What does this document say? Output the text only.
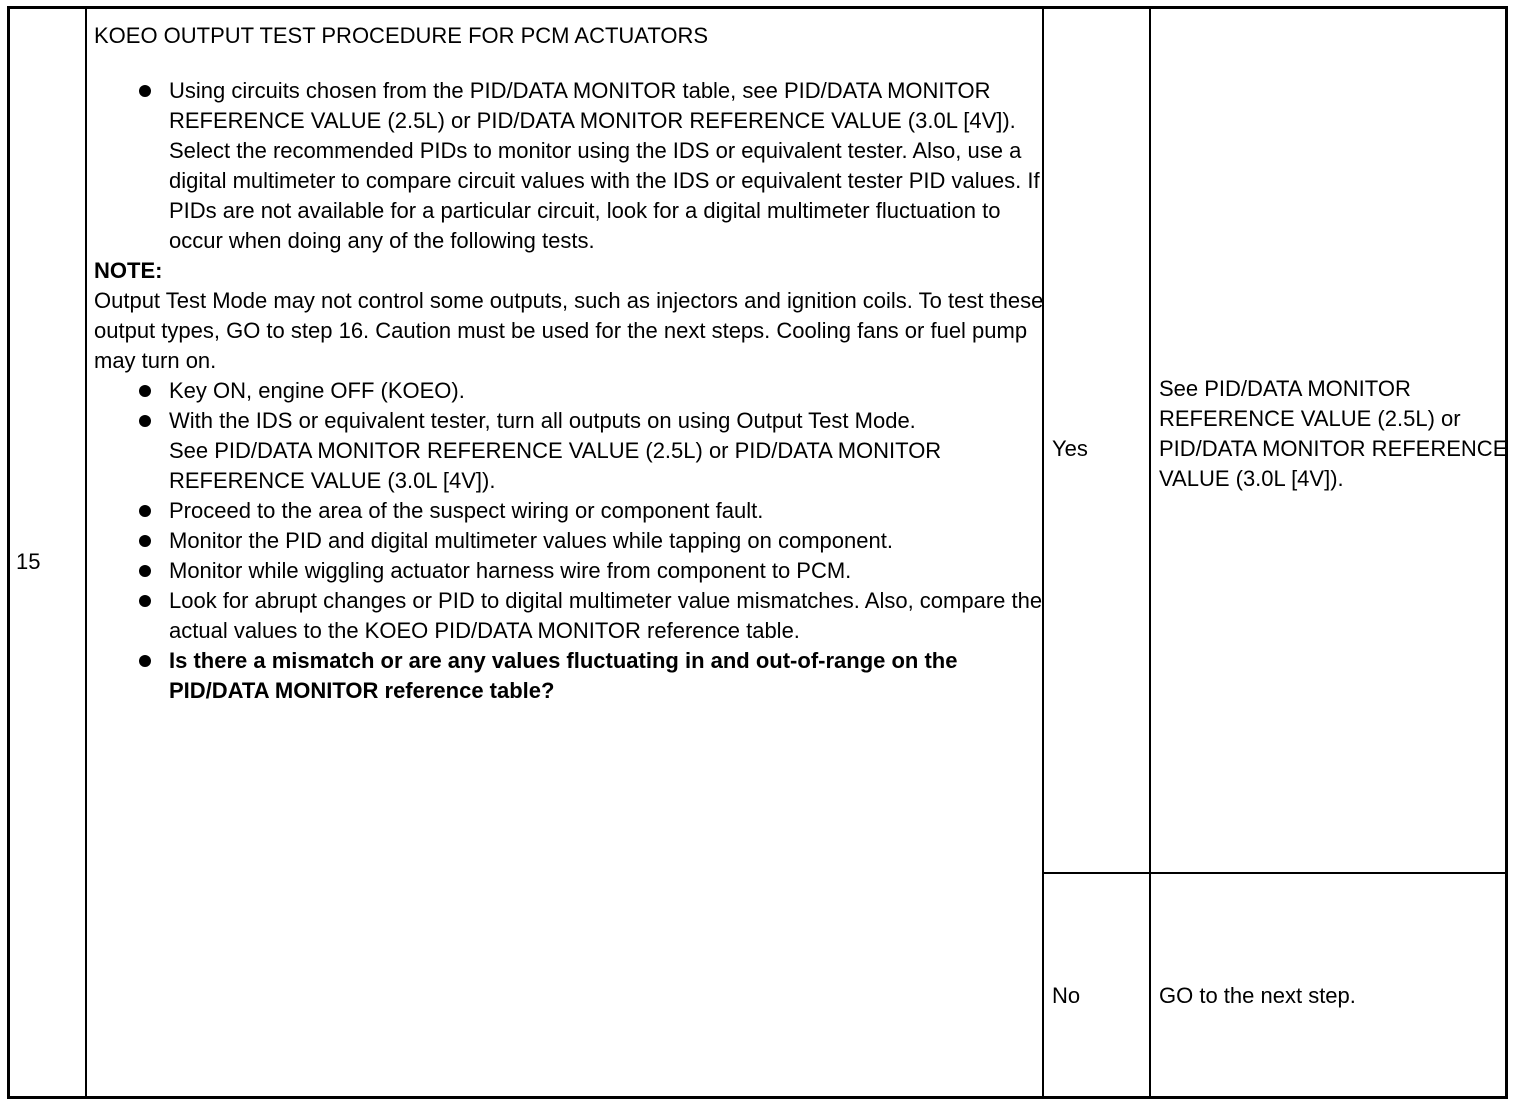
15

KOEO OUTPUT TEST PROCEDURE FOR PCM ACTUATORS

Using circuits chosen from the PID/DATA MONITOR table, see PID/DATA MONITOR REFERENCE VALUE (2.5L) or PID/DATA MONITOR REFERENCE VALUE (3.0L [4V]).

Select the recommended PIDs to monitor using the IDS or equivalent tester. Also, use a digital multimeter to compare circuit values with the IDS or equivalent tester PID values. If PIDs are not available for a particular circuit, look for a digital multimeter fluctuation to occur when doing any of the following tests.

NOTE:

Output Test Mode may not control some outputs, such as injectors and ignition coils. To test these output types, GO to step 16. Caution must be used for the next steps. Cooling fans or fuel pump may turn on.

Key ON, engine OFF (KOEO).

With the IDS or equivalent tester, turn all outputs on using Output Test Mode.

See PID/DATA MONITOR REFERENCE VALUE (2.5L) or PID/DATA MONITOR REFERENCE VALUE (3.0L [4V]).

Proceed to the area of the suspect wiring or component fault.

Monitor the PID and digital multimeter values while tapping on component.

Monitor while wiggling actuator harness wire from component to PCM.

Look for abrupt changes or PID to digital multimeter value mismatches. Also, compare the actual values to the KOEO PID/DATA MONITOR reference table.

Is there a mismatch or are any values fluctuating in and out-of-range on the PID/DATA MONITOR reference table?

Yes
See PID/DATA MONITOR REFERENCE VALUE (2.5L) or PID/DATA MONITOR REFERENCE VALUE (3.0L [4V]).
No	GO to the next step.
